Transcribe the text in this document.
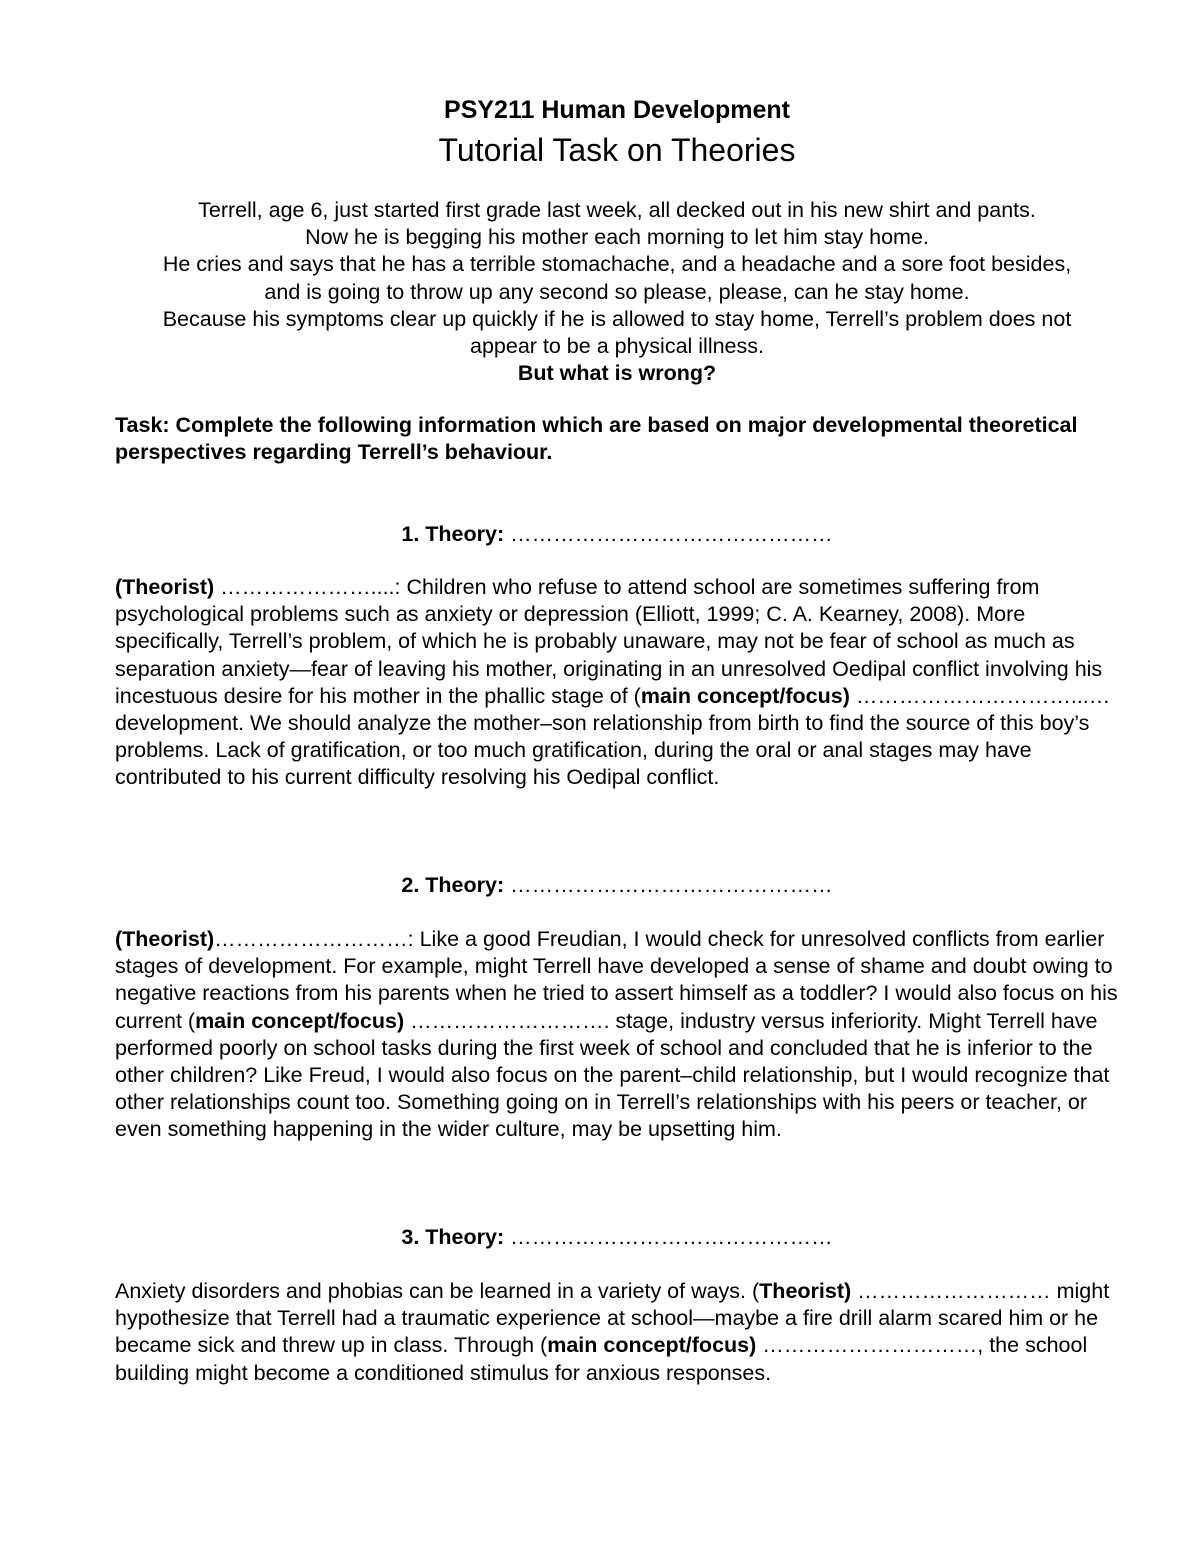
PSY211 Human Development
Tutorial Task on Theories

Terrell, age 6, just started first grade last week, all decked out in his new shirt and pants.

Now he is begging his mother each morning to let him stay home.

He cries and says that he has a terrible stomachache, and a headache and a sore foot besides,

and is going to throw up any second so please, please, can he stay home.

Because his symptoms clear up quickly if he is allowed to stay home, Terrell’s problem does not

appear to be a physical illness.

But what is wrong?

Task: Complete the following information which are based on major developmental theoretical perspectives regarding Terrell’s behaviour.

1. Theory: ………………………………………

(Theorist) …………………....: Children who refuse to attend school are sometimes suffering from psychological problems such as anxiety or depression (Elliott, 1999; C. A. Kearney, 2008). More specifically, Terrell’s problem, of which he is probably unaware, may not be fear of school as much as separation anxiety—fear of leaving his mother, originating in an unresolved Oedipal conflict involving his incestuous desire for his mother in the phallic stage of (main concept/focus) …………………………...… development. We should analyze the mother–son relationship from birth to find the source of this boy’s problems. Lack of gratification, or too much gratification, during the oral or anal stages may have contributed to his current difficulty resolving his Oedipal conflict.

2. Theory: ………………………………………

(Theorist)………………………: Like a good Freudian, I would check for unresolved conflicts from earlier stages of development. For example, might Terrell have developed a sense of shame and doubt owing to negative reactions from his parents when he tried to assert himself as a toddler? I would also focus on his current (main concept/focus) ………………………. stage, industry versus inferiority. Might Terrell have performed poorly on school tasks during the first week of school and concluded that he is inferior to the other children? Like Freud, I would also focus on the parent–child relationship, but I would recognize that other relationships count too. Something going on in Terrell’s relationships with his peers or teacher, or even something happening in the wider culture, may be upsetting him.

3. Theory: ………………………………………

Anxiety disorders and phobias can be learned in a variety of ways. (Theorist) ……………………… might hypothesize that Terrell had a traumatic experience at school—maybe a fire drill alarm scared him or he became sick and threw up in class. Through (main concept/focus) …………………………, the school building might become a conditioned stimulus for anxious responses.
